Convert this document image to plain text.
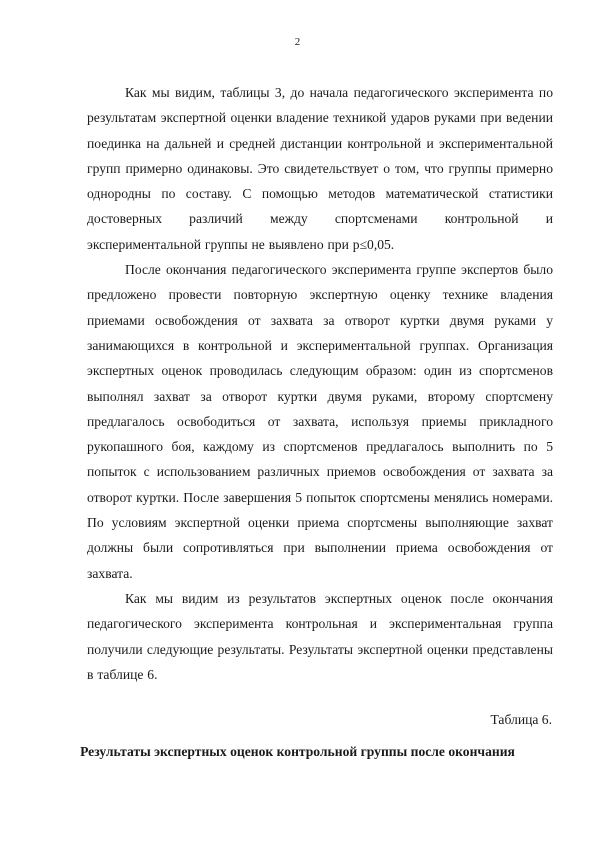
2

Как мы видим, таблицы 3, до начала педагогического эксперимента по результатам экспертной оценки владение техникой ударов руками при ведении поединка на дальней и средней дистанции контрольной и экспериментальной групп примерно одинаковы. Это свидетельствует о том, что группы примерно однородны по составу. С помощью методов математической статистики достоверных различий между спортсменами контрольной и экспериментальной группы не выявлено при p≤0,05.

После окончания педагогического эксперимента группе экспертов было предложено провести повторную экспертную оценку технике владения приемами освобождения от захвата за отворот куртки двумя руками у занимающихся в контрольной и экспериментальной группах. Организация экспертных оценок проводилась следующим образом: один из спортсменов выполнял захват за отворот куртки двумя руками, второму спортсмену предлагалось освободиться от захвата, используя приемы прикладного рукопашного боя, каждому из спортсменов предлагалось выполнить по 5 попыток с использованием различных приемов освобождения от захвата за отворот куртки. После завершения 5 попыток спортсмены менялись номерами. По условиям экспертной оценки приема спортсмены выполняющие захват должны были сопротивляться при выполнении приема освобождения от захвата.

Как мы видим из результатов экспертных оценок после окончания педагогического эксперимента контрольная и экспериментальная группа получили следующие результаты. Результаты экспертной оценки представлены в таблице 6.

Таблица 6.
Результаты экспертных оценок контрольной группы после окончания
